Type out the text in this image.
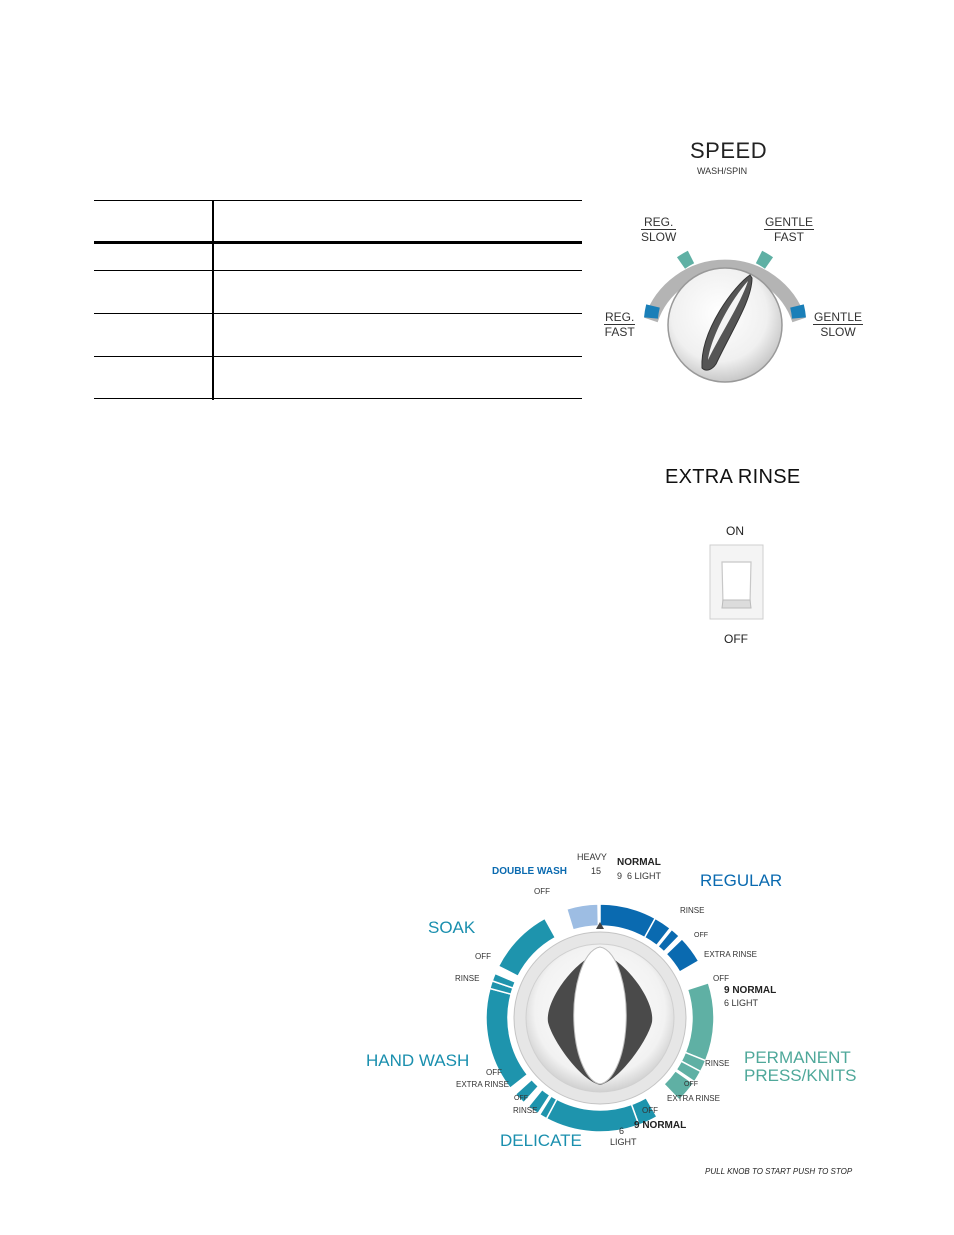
SPEED
WASH/SPIN
REG.
SLOW
GENTLE
FAST
REG.
FAST
GENTLE
SLOW
EXTRA RINSE
ON
OFF
DOUBLE WASH	REGULAR
SOAK
HAND WASH
DELICATE
PERMANENT
PRESS/KNITS
HEAVY
15
NORMAL
9 6 LIGHT
OFF
RINSE
OFF
EXTRA RINSE
OFF
9 NORMAL
6 LIGHT
RINSE
OFF
EXTRA RINSE
OFF
RINSE
OFF
EXTRA RINSE
OFF
RINSE	OFF
9 NORMAL
6
LIGHT
PULL KNOB TO START PUSH TO STOP
